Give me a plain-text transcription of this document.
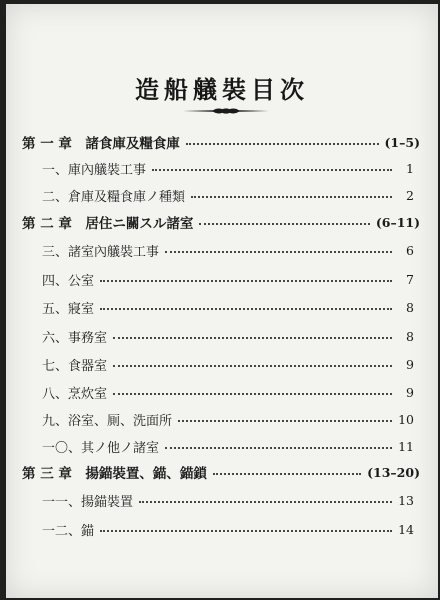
造船艤裝目次
第 一 章　諸食庫及糧食庫	(1–5)
一、庫內艤裝工事	1
二、倉庫及糧食庫ノ種類	2
第 二 章　居住ニ關スル諸室	(6–11)
三、諸室內艤裝工事	6
四、公室	7
五、寢室	8
六、事務室	8
七、食器室	9
八、烹炊室	9
九、浴室、厠、洗面所	10
一〇、其ノ他ノ諸室	11
第 三 章　揚錨裝置、錨、錨鎖	(13–20)
一一、揚錨裝置	13
一二、錨	14
